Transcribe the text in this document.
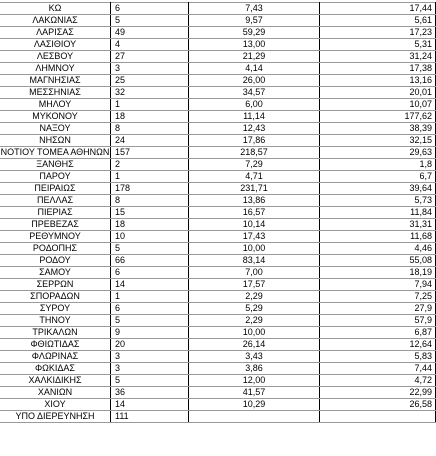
ΚΩ	6	7,43	17,44
ΛΑΚΩΝΙΑΣ	5	9,57	5,61
ΛΑΡΙΣΑΣ	49	59,29	17,23
ΛΑΣΙΘΙΟΥ	4	13,00	5,31
ΛΕΣΒΟΥ	27	21,29	31,24
ΛΗΜΝΟΥ	3	4,14	17,38
ΜΑΓΝΗΣΙΑΣ	25	26,00	13,16
ΜΕΣΣΗΝΙΑΣ	32	34,57	20,01
ΜΗΛΟΥ	1	6,00	10,07
ΜΥΚΟΝΟΥ	18	11,14	177,62
ΝΑΞΟΥ	8	12,43	38,39
ΝΗΣΩΝ	24	17,86	32,15
ΝΟΤΙΟΥ ΤΟΜΕΑ ΑΘΗΝΩΝ	157	218,57	29,63
ΞΑΝΘΗΣ	2	7,29	1,8
ΠΑΡΟΥ	1	4,71	6,7
ΠΕΙΡΑΙΩΣ	178	231,71	39,64
ΠΕΛΛΑΣ	8	13,86	5,73
ΠΙΕΡΙΑΣ	15	16,57	11,84
ΠΡΕΒΕΖΑΣ	18	10,14	31,31
ΡΕΘΥΜΝΟΥ	10	17,43	11,68
ΡΟΔΟΠΗΣ	5	10,00	4,46
ΡΟΔΟΥ	66	83,14	55,08
ΣΑΜΟΥ	6	7,00	18,19
ΣΕΡΡΩΝ	14	17,57	7,94
ΣΠΟΡΑΔΩΝ	1	2,29	7,25
ΣΥΡΟΥ	6	5,29	27,9
ΤΗΝΟΥ	5	2,29	57,9
ΤΡΙΚΑΛΩΝ	9	10,00	6,87
ΦΘΙΩΤΙΔΑΣ	20	26,14	12,64
ΦΛΩΡΙΝΑΣ	3	3,43	5,83
ΦΩΚΙΔΑΣ	3	3,86	7,44
ΧΑΛΚΙΔΙΚΗΣ	5	12,00	4,72
ΧΑΝΙΩΝ	36	41,57	22,99
ΧΙΟΥ	14	10,29	26,58
ΥΠΟ ΔΙΕΡΕΥΝΗΣΗ	111		
